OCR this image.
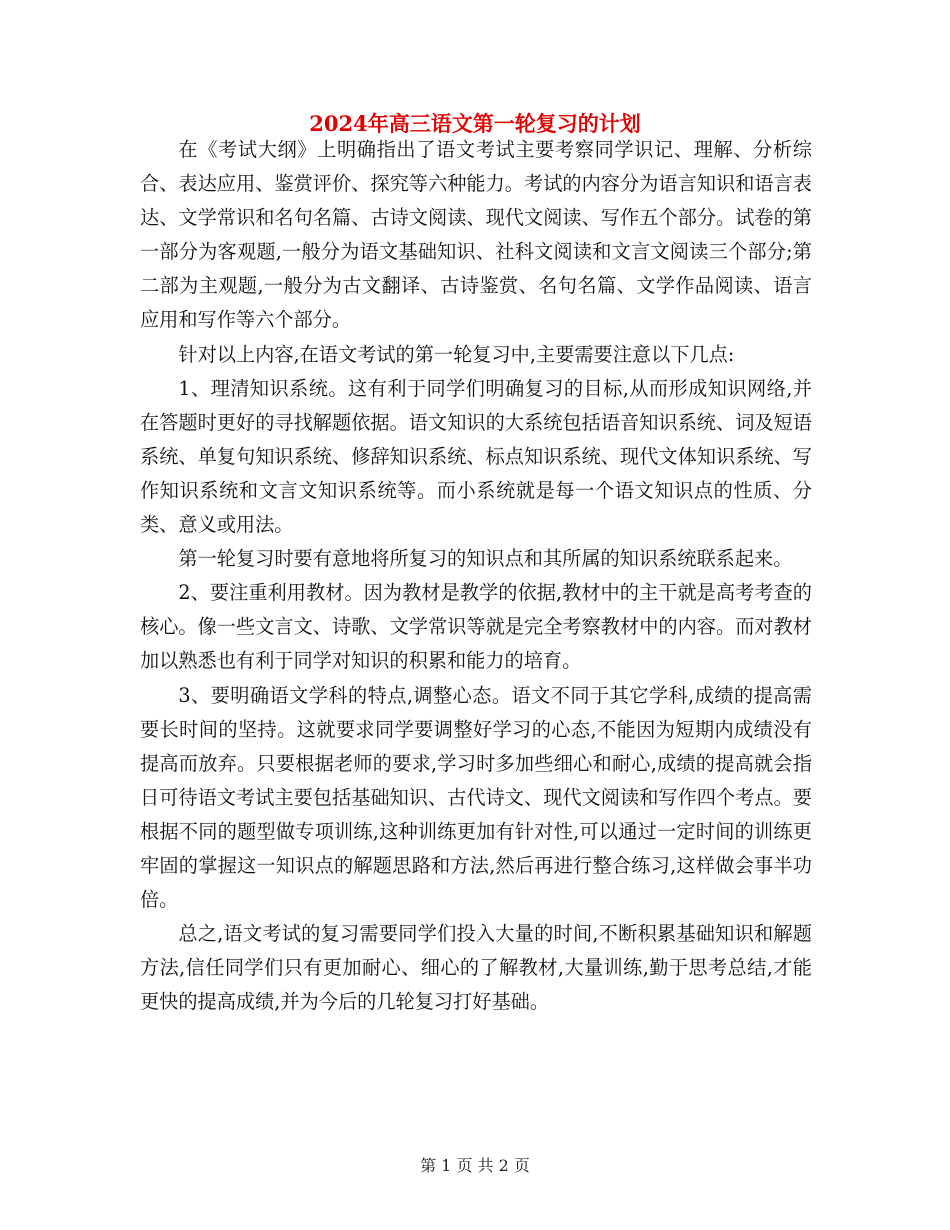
2024年高三语文第一轮复习的计划

在《考试大纲》上明确指出了语文考试主要考察同学识记、理解、分析综合、表达应用、鉴赏评价、探究等六种能力。考试的内容分为语言知识和语言表达、文学常识和名句名篇、古诗文阅读、现代文阅读、写作五个部分。试卷的第一部分为客观题,一般分为语文基础知识、社科文阅读和文言文阅读三个部分;第二部为主观题,一般分为古文翻译、古诗鉴赏、名句名篇、文学作品阅读、语言应用和写作等六个部分。

针对以上内容,在语文考试的第一轮复习中,主要需要注意以下几点:

1、理清知识系统。这有利于同学们明确复习的目标,从而形成知识网络,并在答题时更好的寻找解题依据。语文知识的大系统包括语音知识系统、词及短语系统、单复句知识系统、修辞知识系统、标点知识系统、现代文体知识系统、写作知识系统和文言文知识系统等。而小系统就是每一个语文知识点的性质、分类、意义或用法。

第一轮复习时要有意地将所复习的知识点和其所属的知识系统联系起来。

2、要注重利用教材。因为教材是教学的依据,教材中的主干就是高考考查的核心。像一些文言文、诗歌、文学常识等就是完全考察教材中的内容。而对教材加以熟悉也有利于同学对知识的积累和能力的培育。

3、要明确语文学科的特点,调整心态。语文不同于其它学科,成绩的提高需要长时间的坚持。这就要求同学要调整好学习的心态,不能因为短期内成绩没有提高而放弃。只要根据老师的要求,学习时多加些细心和耐心,成绩的提高就会指日可待语文考试主要包括基础知识、古代诗文、现代文阅读和写作四个考点。要根据不同的题型做专项训练,这种训练更加有针对性,可以通过一定时间的训练更牢固的掌握这一知识点的解题思路和方法,然后再进行整合练习,这样做会事半功倍。

总之,语文考试的复习需要同学们投入大量的时间,不断积累基础知识和解题方法,信任同学们只有更加耐心、细心的了解教材,大量训练,勤于思考总结,才能更快的提高成绩,并为今后的几轮复习打好基础。

第 1 页 共 2 页
